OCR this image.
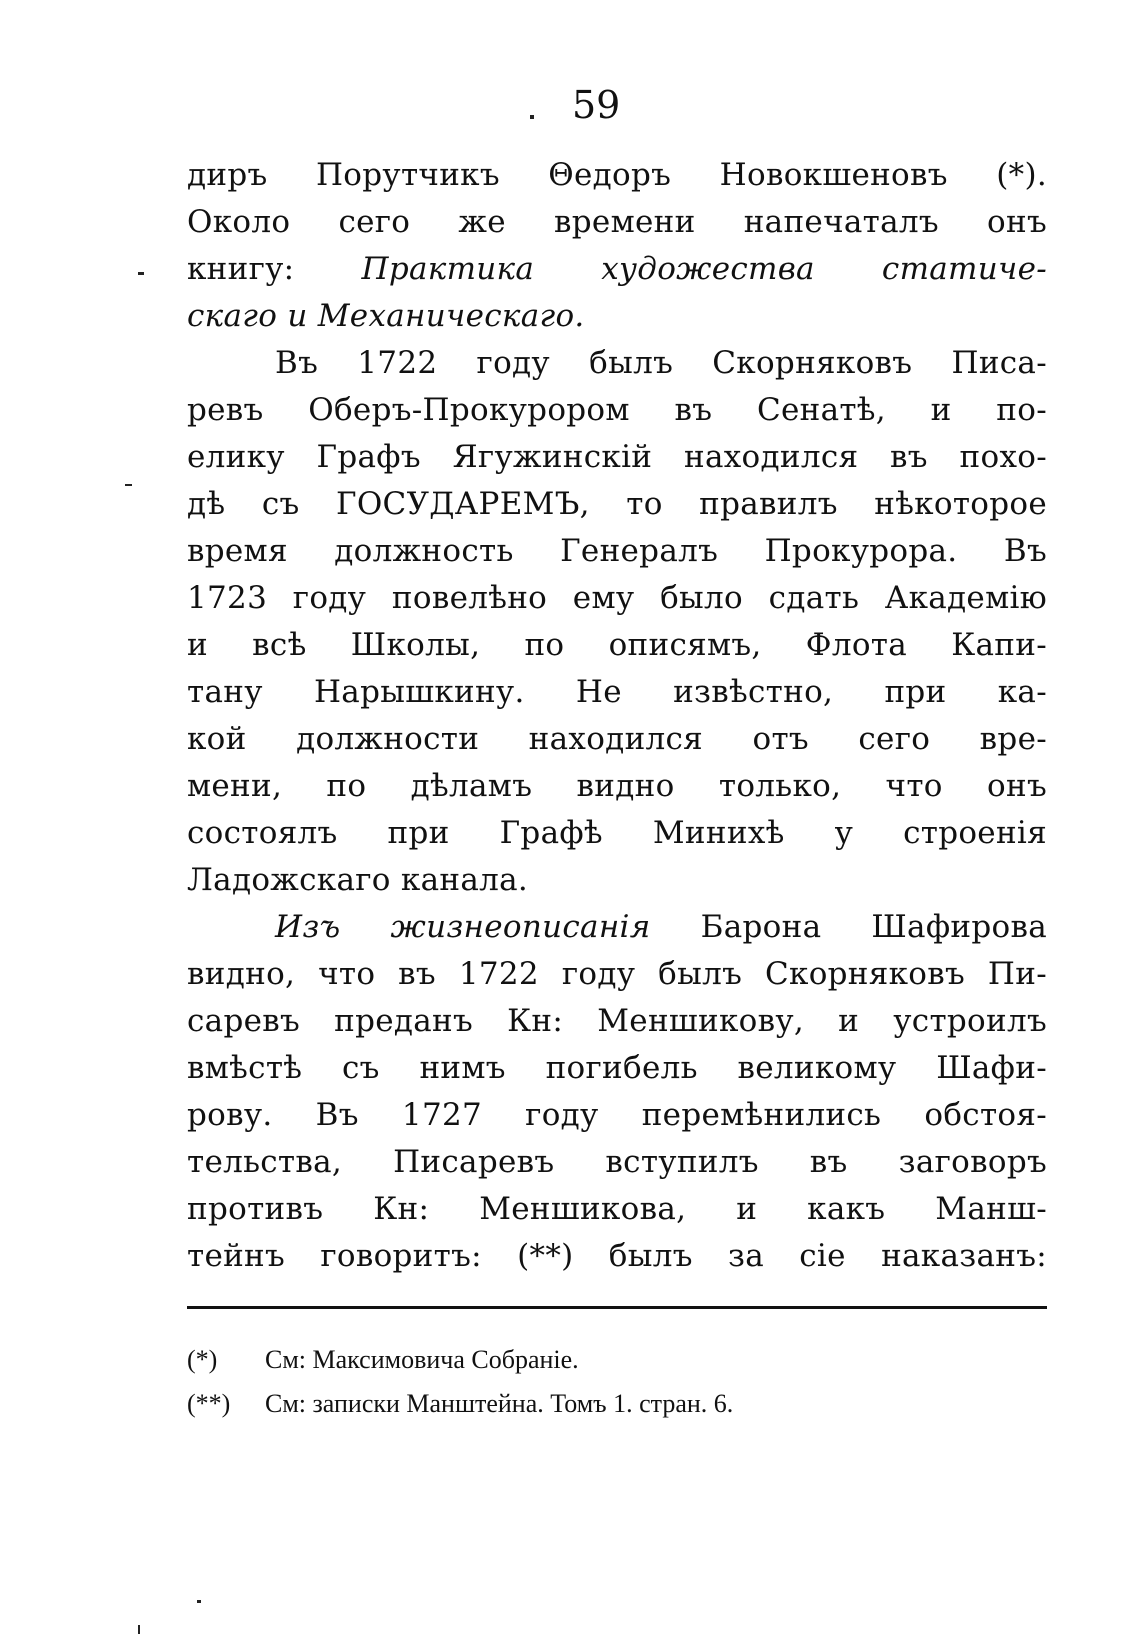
59
диръ Порутчикъ Θедоръ Новокшеновъ (*).
Около сего же времени напечаталъ онъ
книгу: Практика художества статиче-
скаго и Механическаго.
Въ 1722 году былъ Скорняковъ Писа-
ревъ Оберъ-Прокурором въ Сенатѣ, и по-
елику Графъ Ягужинскій находился въ похо-
дѣ съ ГОСУДАРЕМЪ, то правилъ нѣкоторое
время должность Генералъ Прокурора. Въ
1723 году повелѣно ему было сдать Академію
и всѣ Школы, по описямъ, Флота Капи-
тану Нарышкину. Не извѣстно, при ка-
кой должности находился отъ сего вре-
мени, по дѣламъ видно только, что онъ
состоялъ при Графѣ Минихѣ у строенія
Ладожскаго канала.
Изъ жизнеописанія Барона Шафирова
видно, что въ 1722 году былъ Скорняковъ Пи-
саревъ преданъ Кн: Меншикову, и устроилъ
вмѣстѣ съ нимъ погибель великому Шафи-
рову. Въ 1727 году перемѣнились обстоя-
тельства, Писаревъ вступилъ въ заговоръ
противъ Кн: Меншикова, и какъ Манш-
тейнъ говоритъ: (**) былъ за сіе наказанъ:
(*) См: Максимовича Собраніе.
(**) См: записки Манштейна. Томъ 1. стран. 6.
